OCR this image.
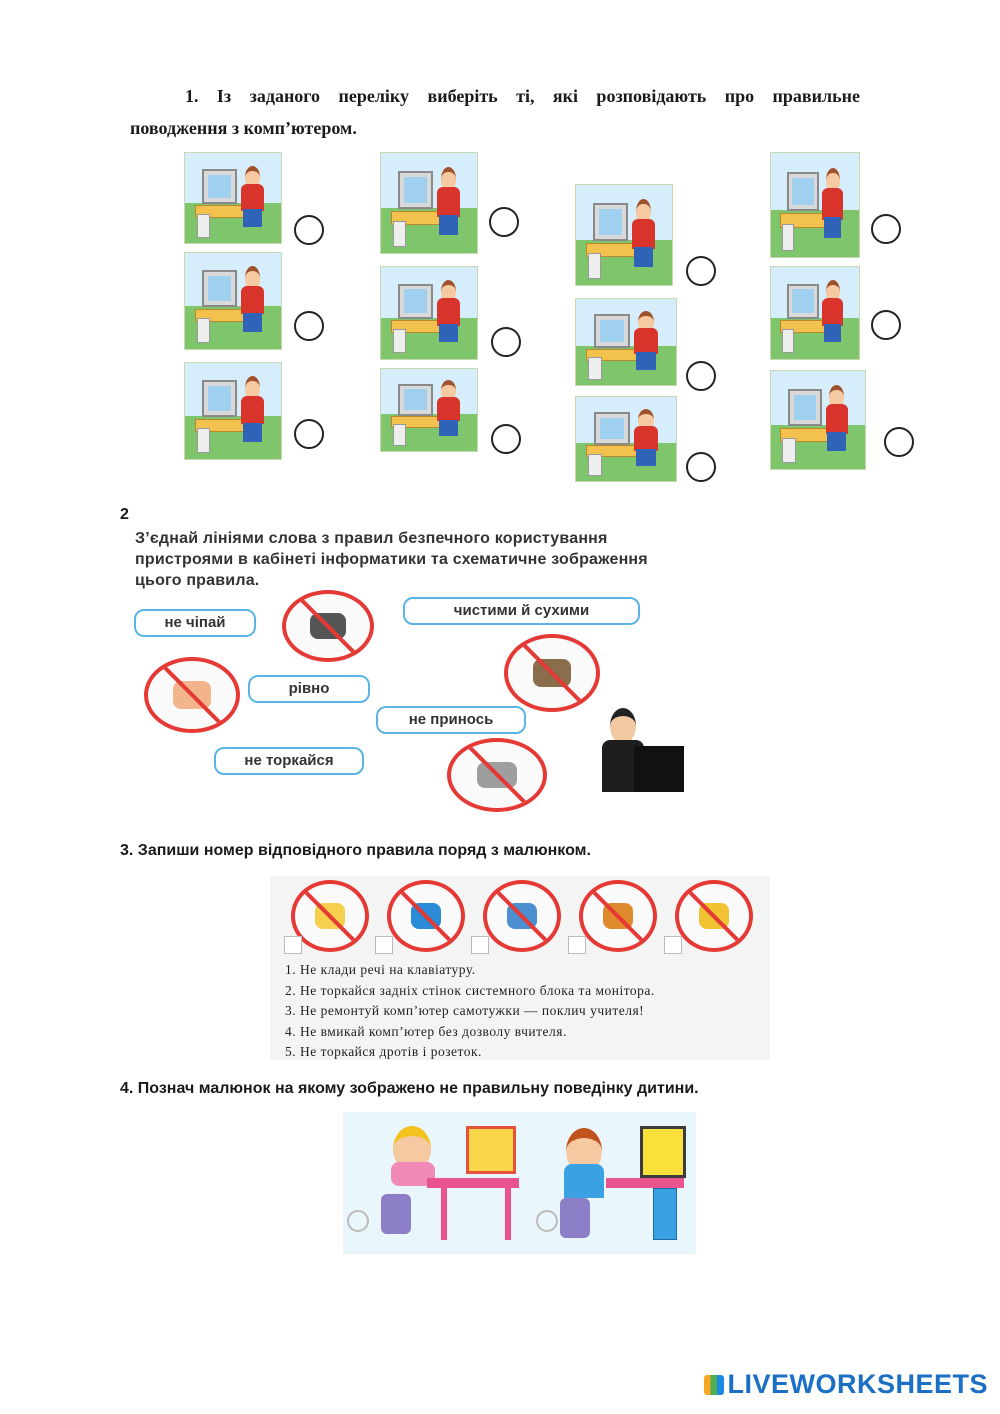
1. Із заданого переліку виберіть ті, які розповідають про правильне
поводження з комп’ютером.
2
З’єднай лініями слова з правил безпечного користування пристроями в кабінеті інформатики та схематичне зображення цього правила.
не чіпай
чистими й сухими
рівно
не принось
не торкайся
3. Запиши номер відповідного правила поряд з малюнком.
1. Не клади речі на клавіатуру.
2. Не торкайся задніх стінок системного блока та монітора.
3. Не ремонтуй комп’ютер самотужки — поклич учителя!
4. Не вмикай комп’ютер без дозволу вчителя.
5. Не торкайся дротів і розеток.
4. Познач малюнок на якому зображено не правильну поведінку дитини.
LIVEWORKSHEETS
